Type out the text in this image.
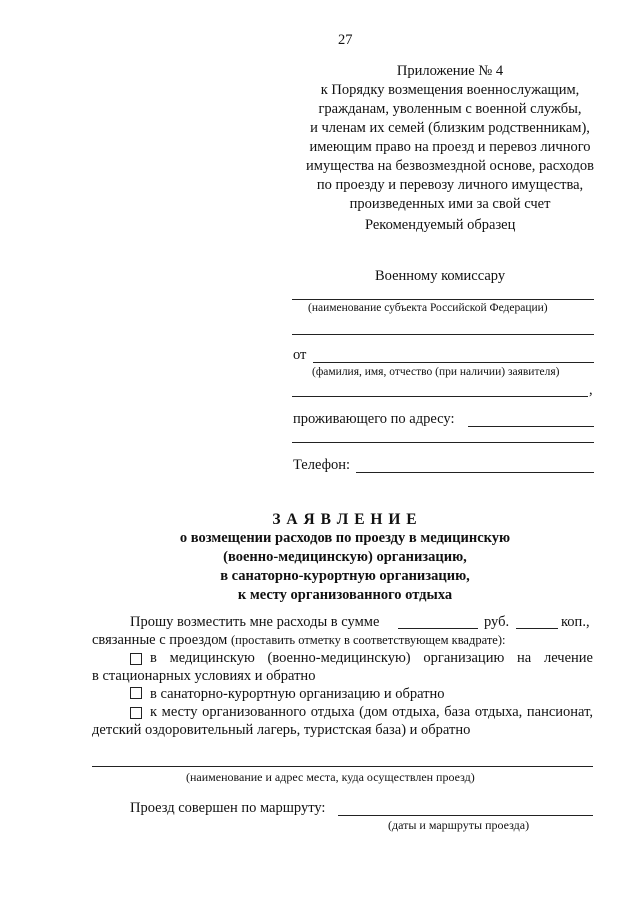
27
Приложение № 4
к Порядку возмещения военнослужащим,
гражданам, уволенным с военной службы,
и членам их семей (близким родственникам),
имеющим право на проезд и перевоз личного
имущества на безвозмездной основе, расходов
по проезду и перевозу личного имущества,
произведенных ими за свой счет
Рекомендуемый образец
Военному комиссару
(наименование субъекта Российской Федерации)
от
(фамилия, имя, отчество (при наличии) заявителя)
,
проживающего по адресу:
Телефон:
З А Я В Л Е Н И Е
о возмещении расходов по проезду в медицинскую
(военно-медицинскую) организацию,
в санаторно-курортную организацию,
к месту организованного отдыха
Прошу возместить мне расходы в сумме	руб.	коп.,
связанные с проездом (проставить отметку в соответствующем квадрате):
в медицинскую (военно-медицинскую) организацию на лечение
в стационарных условиях и обратно
в санаторно-курортную организацию и обратно
к месту организованного отдыха (дом отдыха, база отдыха, пансионат,
детский оздоровительный лагерь, туристская база) и обратно
(наименование и адрес места, куда осуществлен проезд)
Проезд совершен по маршруту:
(даты и маршруты проезда)
